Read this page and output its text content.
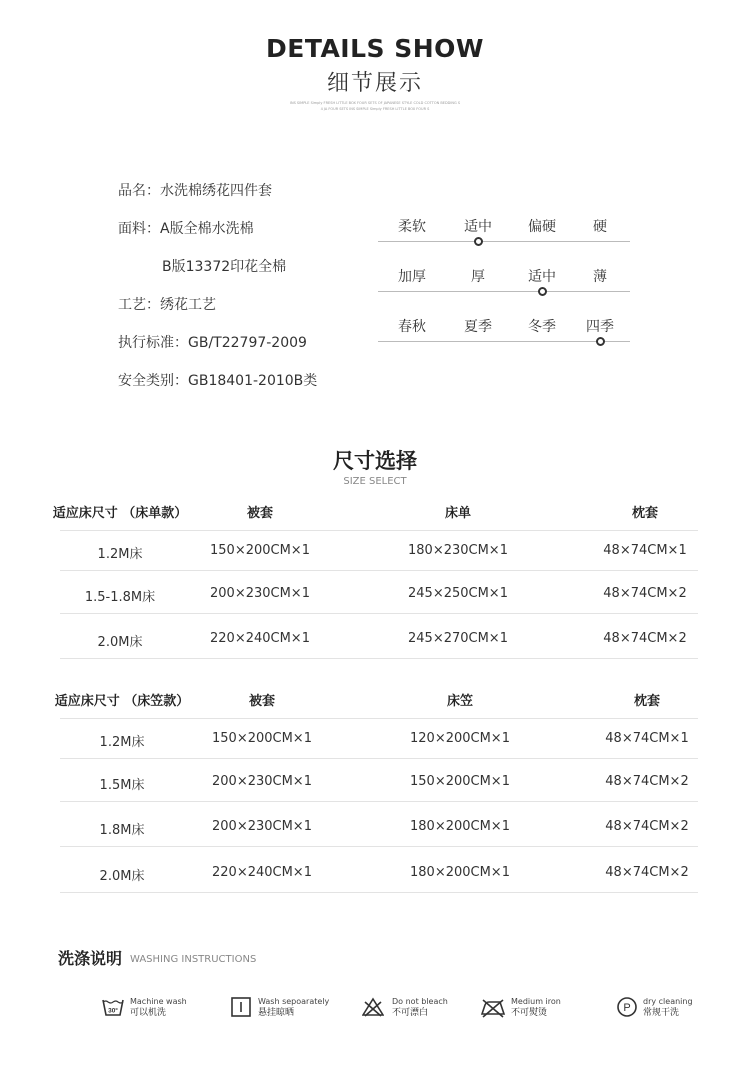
DETAILS SHOW
细节展示
INS SIMPLE Simply FRESH LITTLE BOX FOUR SETS OF JAPANESE STYLE COLD COTTON BEDDING S
4 JA FOUR SETS INS SIMPLE Simply FRESH LITTLE BOX FOUR S
品名：水洗棉绣花四件套
面料：A版全棉水洗棉
B版13372印花全棉
工艺：绣花工艺
执行标准：GB/T22797-2009
安全类别：GB18401-2010B类
柔软	适中	偏硬	硬
加厚	厚	适中	薄
春秋	夏季	冬季	四季
尺寸选择
SIZE SELECT
适应床尺寸 （床单款）	被套	床单	枕套
1.2M床	150×200CM×1	180×230CM×1	48×74CM×1
1.5-1.8M床	200×230CM×1	245×250CM×1	48×74CM×2
2.0M床	220×240CM×1	245×270CM×1	48×74CM×2
适应床尺寸 （床笠款）	被套	床笠	枕套
1.2M床	150×200CM×1	120×200CM×1	48×74CM×1
1.5M床	200×230CM×1	150×200CM×1	48×74CM×2
1.8M床	200×230CM×1	180×200CM×1	48×74CM×2
2.0M床	220×240CM×1	180×200CM×1	48×74CM×2
洗涤说明 WASHING INSTRUCTIONS
30°
Machine wash
可以机洗
Wash sepoarately
悬挂晾晒
Do not bleach
不可漂白
Medium iron
不可熨烫	P
dry cleaning
常规干洗
